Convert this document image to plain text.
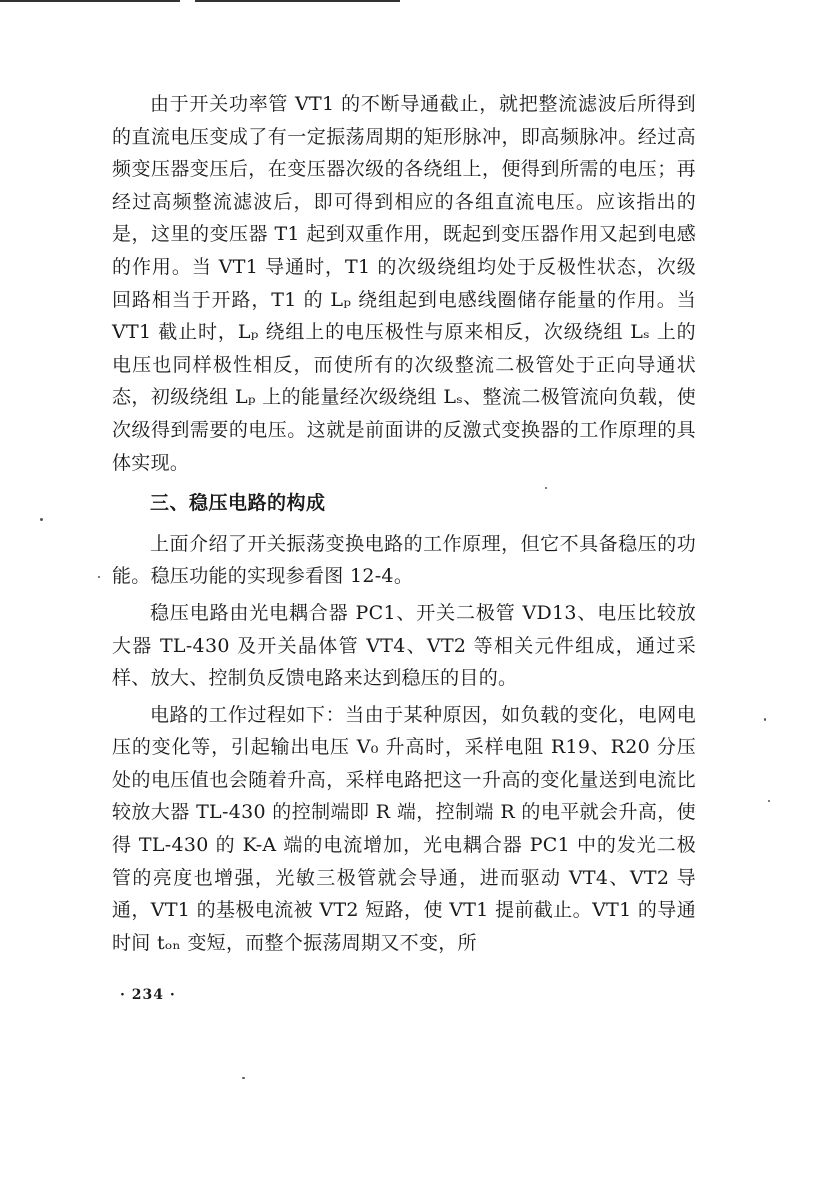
由于开关功率管 VT1 的不断导通截止，就把整流滤波后所得到的直流电压变成了有一定振荡周期的矩形脉冲，即高频脉冲。经过高频变压器变压后，在变压器次级的各绕组上，便得到所需的电压；再经过高频整流滤波后，即可得到相应的各组直流电压。应该指出的是，这里的变压器 T1 起到双重作用，既起到变压器作用又起到电感的作用。当 VT1 导通时，T1 的次级绕组均处于反极性状态，次级回路相当于开路，T1 的 Lₚ 绕组起到电感线圈储存能量的作用。当 VT1 截止时，Lₚ 绕组上的电压极性与原来相反，次级绕组 Lₛ 上的电压也同样极性相反，而使所有的次级整流二极管处于正向导通状态，初级绕组 Lₚ 上的能量经次级绕组 Lₛ、整流二极管流向负载，使次级得到需要的电压。这就是前面讲的反激式变换器的工作原理的具体实现。

三、稳压电路的构成

上面介绍了开关振荡变换电路的工作原理，但它不具备稳压的功能。稳压功能的实现参看图 12-4。

稳压电路由光电耦合器 PC1、开关二极管 VD13、电压比较放大器 TL-430 及开关晶体管 VT4、VT2 等相关元件组成，通过采样、放大、控制负反馈电路来达到稳压的目的。

电路的工作过程如下：当由于某种原因，如负载的变化，电网电压的变化等，引起输出电压 V₀ 升高时，采样电阻 R19、R20 分压处的电压值也会随着升高，采样电路把这一升高的变化量送到电流比较放大器 TL-430 的控制端即 R 端，控制端 R 的电平就会升高，使得 TL-430 的 K-A 端的电流增加，光电耦合器 PC1 中的发光二极管的亮度也增强，光敏三极管就会导通，进而驱动 VT4、VT2 导通，VT1 的基极电流被 VT2 短路，使 VT1 提前截止。VT1 的导通时间 tₒₙ 变短，而整个振荡周期又不变，所

· 234 ·
